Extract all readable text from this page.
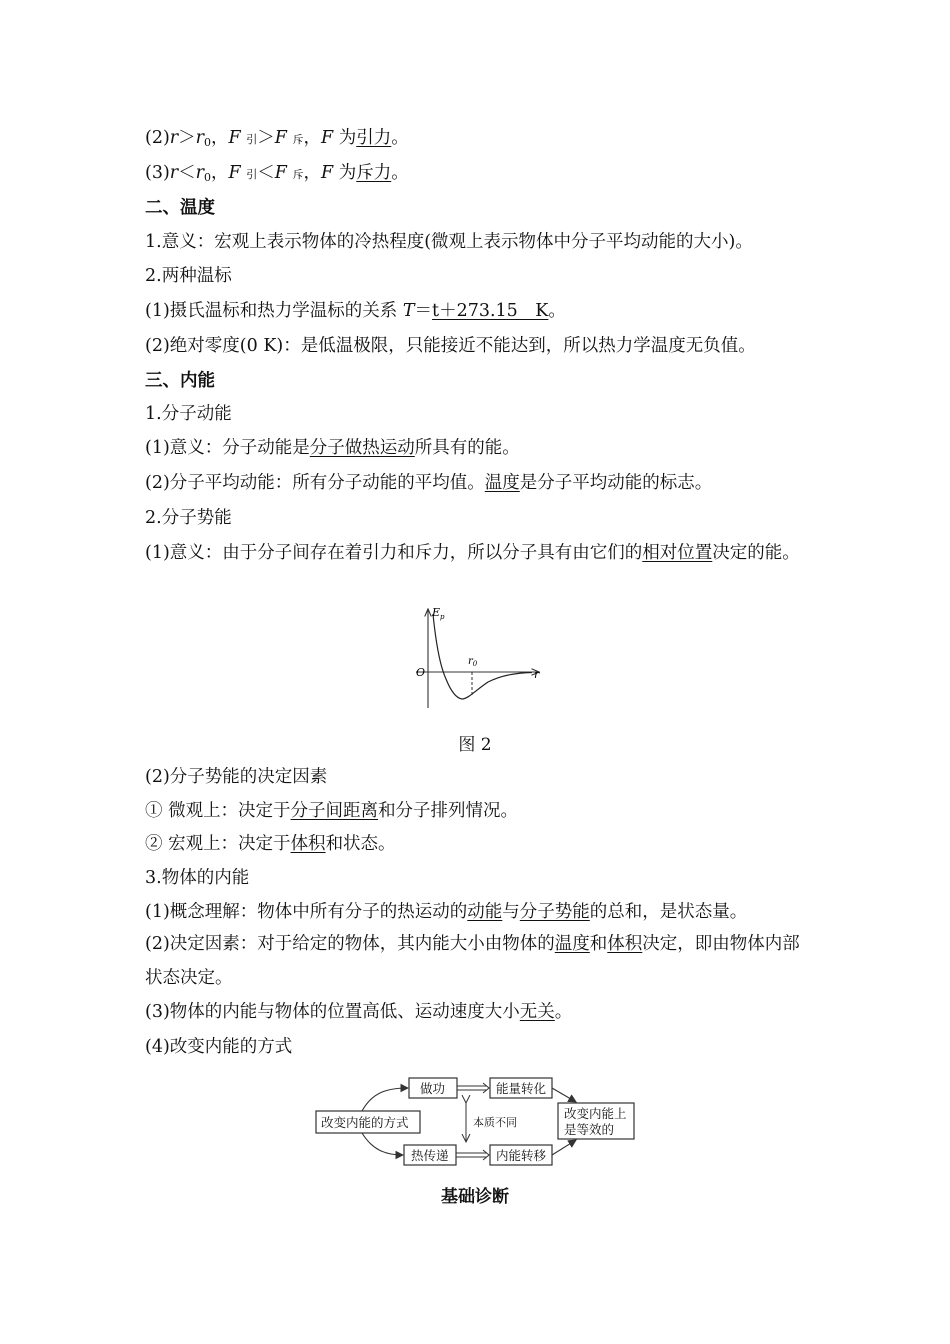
$(2)r>r_0$，F 引＞F 斥，F 为引力。
$(3)r<r_0$，F 引＜F 斥，F 为斥力。
二、温度
1.意义：宏观上表示物体的冷热程度(微观上表示物体中分子平均动能的大小)。
2.两种温标
(1)摄氏温标和热力学温标的关系 T＝t＋273.15　K。
(2)绝对零度(0 K)：是低温极限，只能接近不能达到，所以热力学温度无负值。
三、内能
1.分子动能
(1)意义：分子动能是分子做热运动所具有的能。
(2)分子平均动能：所有分子动能的平均值。温度是分子平均动能的标志。
2.分子势能
(1)意义：由于分子间存在着引力和斥力，所以分子具有由它们的相对位置决定的能。
$E_p$
O	r
$r_0$
图 2
(2)分子势能的决定因素
① 微观上：决定于分子间距离和分子排列情况。
② 宏观上：决定于体积和状态。
3.物体的内能
(1)概念理解：物体中所有分子的热运动的动能与分子势能的总和，是状态量。
(2)决定因素：对于给定的物体，其内能大小由物体的温度和体积决定，即由物体内部状态决定。
(3)物体的内能与物体的位置高低、运动速度大小无关。
(4)改变内能的方式
改变内能的方式
做功
热传递
能量转化
内能转移
改变内能上
是等效的
本质不同
基础诊断
